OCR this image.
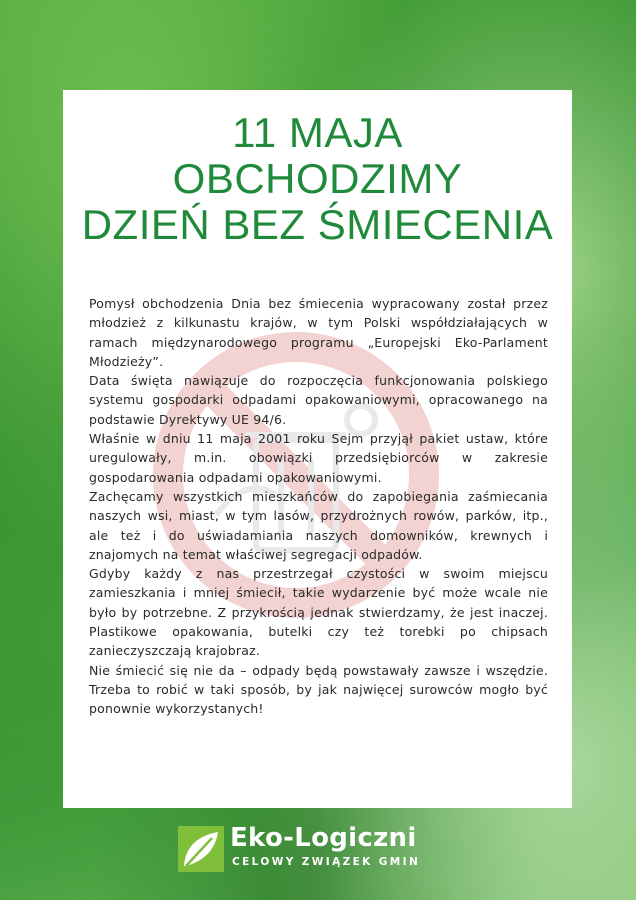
11 MAJA
OBCHODZIMY
DZIEŃ BEZ ŚMIECENIA

Pomysł obchodzenia Dnia bez śmiecenia wypracowany został przez młodzież z kilkunastu krajów, w tym Polski współdziałających w ramach międzynarodowego programu „Europejski Eko-Parlament Młodzieży”.

Data święta nawiązuje do rozpoczęcia funkcjonowania polskiego systemu gospodarki odpadami opakowaniowymi, opracowanego na podstawie Dyrektywy UE 94/6.

Właśnie w dniu 11 maja 2001 roku Sejm przyjął pakiet ustaw, które uregulowały, m.in. obowiązki przedsiębiorców w zakresie gospodarowania odpadami opakowaniowymi.

Zachęcamy wszystkich mieszkańców do zapobiegania zaśmiecania naszych wsi, miast, w tym lasów, przydrożnych rowów, parków, itp., ale też i do uświadamiania naszych domowników, krewnych i znajomych na temat właściwej segregacji odpadów.

Gdyby każdy z nas przestrzegał czystości w swoim miejscu zamieszkania i mniej śmiecił, takie wydarzenie być może wcale nie było by potrzebne. Z przykrością jednak stwierdzamy, że jest inaczej. Plastikowe opakowania, butelki czy też torebki po chipsach zanieczyszczają krajobraz.

Nie śmiecić się nie da – odpady będą powstawały zawsze i wszędzie. Trzeba to robić w taki sposób, by jak najwięcej surowców mogło być ponownie wykorzystanych!

Eko-Logiczni
CELOWY ZWIĄZEK GMIN
